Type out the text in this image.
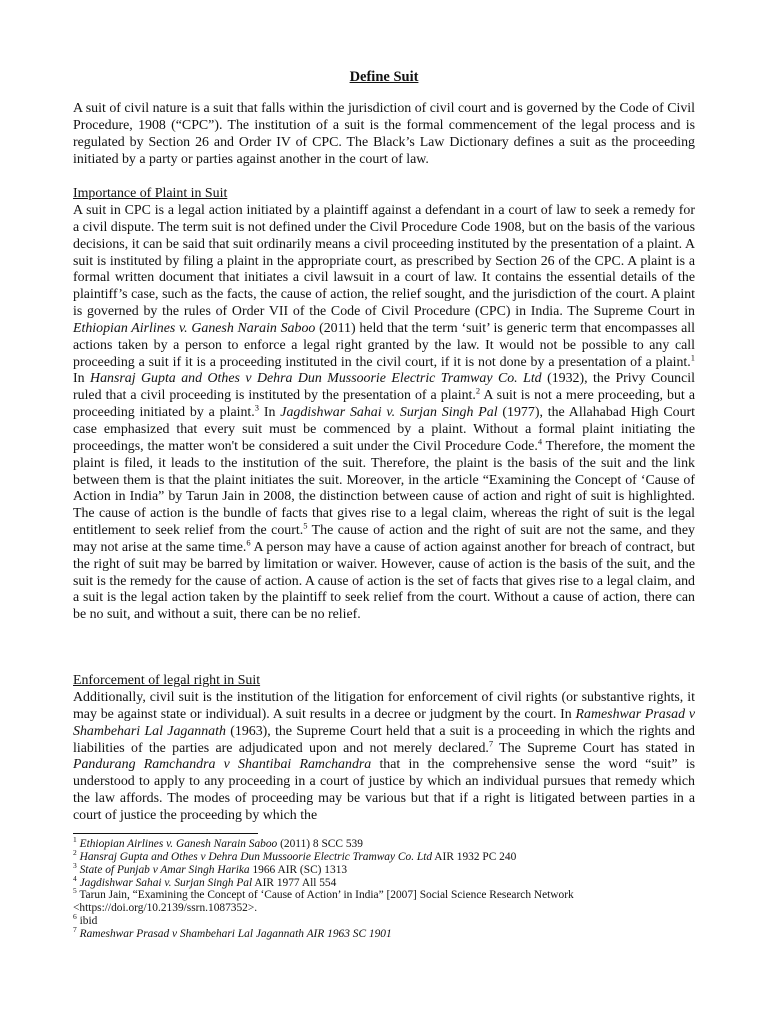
Define Suit

A suit of civil nature is a suit that falls within the jurisdiction of civil court and is governed by the Code of Civil Procedure, 1908 (“CPC”). The institution of a suit is the formal commencement of the legal process and is regulated by Section 26 and Order IV of CPC. The Black’s Law Dictionary defines a suit as the proceeding initiated by a party or parties against another in the court of law.

Importance of Plaint in Suit

A suit in CPC is a legal action initiated by a plaintiff against a defendant in a court of law to seek a remedy for a civil dispute. The term suit is not defined under the Civil Procedure Code 1908, but on the basis of the various decisions, it can be said that suit ordinarily means a civil proceeding instituted by the presentation of a plaint. A suit is instituted by filing a plaint in the appropriate court, as prescribed by Section 26 of the CPC. A plaint is a formal written document that initiates a civil lawsuit in a court of law. It contains the essential details of the plaintiff’s case, such as the facts, the cause of action, the relief sought, and the jurisdiction of the court. A plaint is governed by the rules of Order VII of the Code of Civil Procedure (CPC) in India. The Supreme Court in Ethiopian Airlines v. Ganesh Narain Saboo (2011) held that the term ‘suit’ is generic term that encompasses all actions taken by a person to enforce a legal right granted by the law. It would not be possible to any call proceeding a suit if it is a proceeding instituted in the civil court, if it is not done by a presentation of a plaint.$^1$ In Hansraj Gupta and Othes v Dehra Dun Mussoorie Electric Tramway Co. Ltd (1932), the Privy Council ruled that a civil proceeding is instituted by the presentation of a plaint.$^2$ A suit is not a mere proceeding, but a proceeding initiated by a plaint.$^3$ In Jagdishwar Sahai v. Surjan Singh Pal (1977), the Allahabad High Court case emphasized that every suit must be commenced by a plaint. Without a formal plaint initiating the proceedings, the matter won't be considered a suit under the Civil Procedure Code.$^4$ Therefore, the moment the plaint is filed, it leads to the institution of the suit. Therefore, the plaint is the basis of the suit and the link between them is that the plaint initiates the suit. Moreover, in the article “Examining the Concept of ‘Cause of Action in India” by Tarun Jain in 2008, the distinction between cause of action and right of suit is highlighted. The cause of action is the bundle of facts that gives rise to a legal claim, whereas the right of suit is the legal entitlement to seek relief from the court.$^5$ The cause of action and the right of suit are not the same, and they may not arise at the same time.$^6$ A person may have a cause of action against another for breach of contract, but the right of suit may be barred by limitation or waiver. However, cause of action is the basis of the suit, and the suit is the remedy for the cause of action. A cause of action is the set of facts that gives rise to a legal claim, and a suit is the legal action taken by the plaintiff to seek relief from the court. Without a cause of action, there can be no suit, and without a suit, there can be no relief.

Enforcement of legal right in Suit

Additionally, civil suit is the institution of the litigation for enforcement of civil rights (or substantive rights, it may be against state or individual). A suit results in a decree or judgment by the court. In Rameshwar Prasad v Shambehari Lal Jagannath (1963), the Supreme Court held that a suit is a proceeding in which the rights and liabilities of the parties are adjudicated upon and not merely declared.$^7$ The Supreme Court has stated in Pandurang Ramchandra v Shantibai Ramchandra that in the comprehensive sense the word “suit” is understood to apply to any proceeding in a court of justice by which an individual pursues that remedy which the law affords. The modes of proceeding may be various but that if a right is litigated between parties in a court of justice the proceeding by which the

$^1$ Ethiopian Airlines v. Ganesh Narain Saboo (2011) 8 SCC 539

$^2$ Hansraj Gupta and Othes v Dehra Dun Mussoorie Electric Tramway Co. Ltd AIR 1932 PC 240

$^3$ State of Punjab v Amar Singh Harika 1966 AIR (SC) 1313

$^4$ Jagdishwar Sahai v. Surjan Singh Pal AIR 1977 All 554

$^5$ Tarun Jain, “Examining the Concept of ‘Cause of Action’ in India” [2007] Social Science Research Network <https://doi.org/10.2139/ssrn.1087352>.

$^6$ ibid

$^7$ Rameshwar Prasad v Shambehari Lal Jagannath AIR 1963 SC 1901
